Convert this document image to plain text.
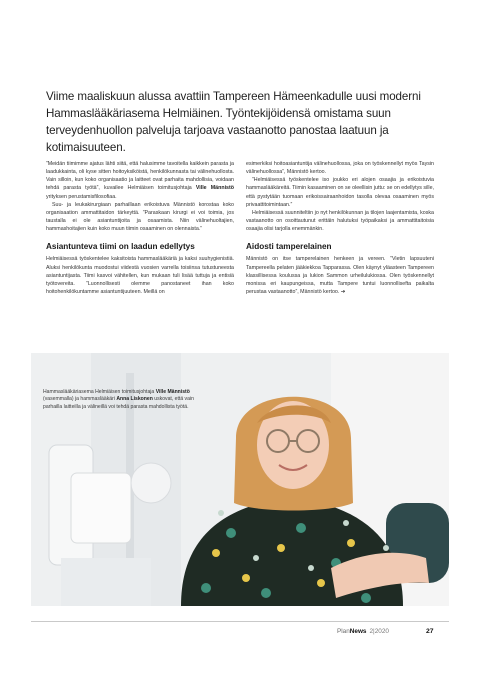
Viime maaliskuun alussa avattiin Tampereen Hämeenkadulle uusi moderni Hammaslääkäriasema Helmiäinen. Työntekijöidensä omistama suun terveydenhuollon palveluja tarjoava vastaanotto panostaa laatuun ja kotimaisuuteen.

”Meidän tiimimme ajatus lähti siitä, että halusimme tavoitella kaikkein parasta ja laadukkainta, oli kyse sitten hoitoyksiköistä, henkilökunnasta tai välinehuollosta. Vain silloin, kun koko organisaatio ja laitteet ovat parhaita mahdollisia, voidaan tehdä parasta työtä”, kuvailee Helmiäisen toimitusjohtaja Ville Männistö yrityksen perustamisfilosofiaa.

Suu- ja leukakirurgiaan parhaillaan erikoistuva Männistö korostaa koko organisaation ammattitaidon tärkeyttä. ”Paraskaan kirurgi ei voi toimia, jos taustalla ei ole asiantuntijoita ja osaamista. Niin välinehuoltajien, hammashoitajien kuin koko muun tiimin osaaminen on olennaista.”

Asiantunteva tiimi on laadun edellytys

Helmiäisessä työskentelee kaksitoista hammaslääkäriä ja kaksi suuhygienistiä. Aluksi henkilökunta muodostui viidestä vuosien varrella toisiinsa tutustuneesta asiantuntijasta. Tiimi kasvoi vähitellen, kun mukaan tuli lisää tuttuja ja entisiä työtovereita. ”Luonnollisesti olemme panostaneet ihan koko hoitohenkilökuntamme asiantuntijuuteen. Meillä on

esimerkiksi hoitoasiantuntija välinehuollossa, joka on työskennellyt myös Taysin välinehuollossa”, Männistö kertoo.

”Helmiäisessä työskentelee iso joukko eri alojen osaajia ja erikoistuvia hammaslääkäreitä. Tiimin kasaaminen on se oleellisin juttu: se on edellytys sille, että pystytään tuomaan erikoissairaanhoidon tasolla olevaa osaaminen myös privaattitoimintaan.”

Helmiäisessä suunniteltiin jo nyt henkilökunnan ja tilojen laajentamista, koska vastaanotto on osoittautunut erittäin halutuksi työpaikaksi ja ammattitaitoisia osaajia olisi tarjolla enemmänkin.

Aidosti tamperelainen

Männistö on itse tamperelainen henkeen ja vereen. ”Vietin lapsuuteni Tampereella pelaten jääkiekkoa Tapparassa. Olen käynyt yläasteen Tampereen klassillisessa koulussa ja lukion Sammon urheilulukiossa. Olen työskennellyt monissa eri kaupungeissa, mutta Tampere tuntui luonnollisefta paikalta perustaa vastaanotto”, Männistö kertoo. ➔

Hammaslääkäriasema Helmiäisen toimitusjohtaja Ville Männistö (vasemmalla) ja hammaslääkäri Anna Liskonen uskovat, että vain parhailla laitteilla ja välineillä voi tehdä parasta mahdollista työtä.

PlanNews 2|2020	27
